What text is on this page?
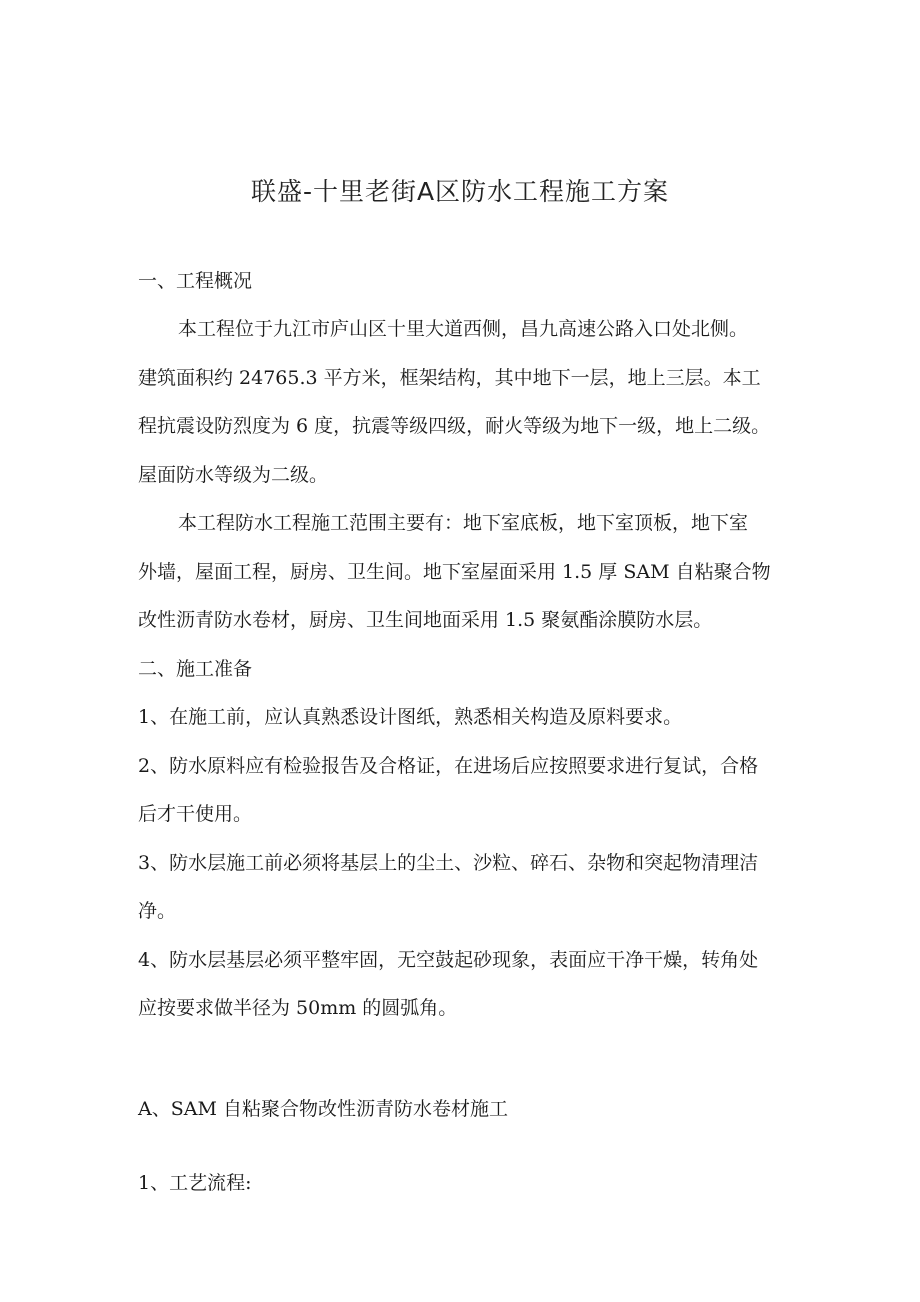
联盛-十里老街A区防水工程施工方案
一、工程概况
本工程位于九江市庐山区十里大道西侧，昌九高速公路入口处北侧。
建筑面积约 24765.3 平方米，框架结构，其中地下一层，地上三层。本工
程抗震设防烈度为 6 度，抗震等级四级，耐火等级为地下一级，地上二级。
屋面防水等级为二级。
本工程防水工程施工范围主要有：地下室底板，地下室顶板，地下室
外墙，屋面工程，厨房、卫生间。地下室屋面采用 1.5 厚 SAM 自粘聚合物
改性沥青防水卷材，厨房、卫生间地面采用 1.5 聚氨酯涂膜防水层。
二、施工准备
1、在施工前，应认真熟悉设计图纸，熟悉相关构造及原料要求。
2、防水原料应有检验报告及合格证，在进场后应按照要求进行复试，合格
后才干使用。
3、防水层施工前必须将基层上的尘土、沙粒、碎石、杂物和突起物清理洁
净。
4、防水层基层必须平整牢固，无空鼓起砂现象，表面应干净干燥，转角处
应按要求做半径为 50mm 的圆弧角。
A、SAM 自粘聚合物改性沥青防水卷材施工
1、工艺流程:
